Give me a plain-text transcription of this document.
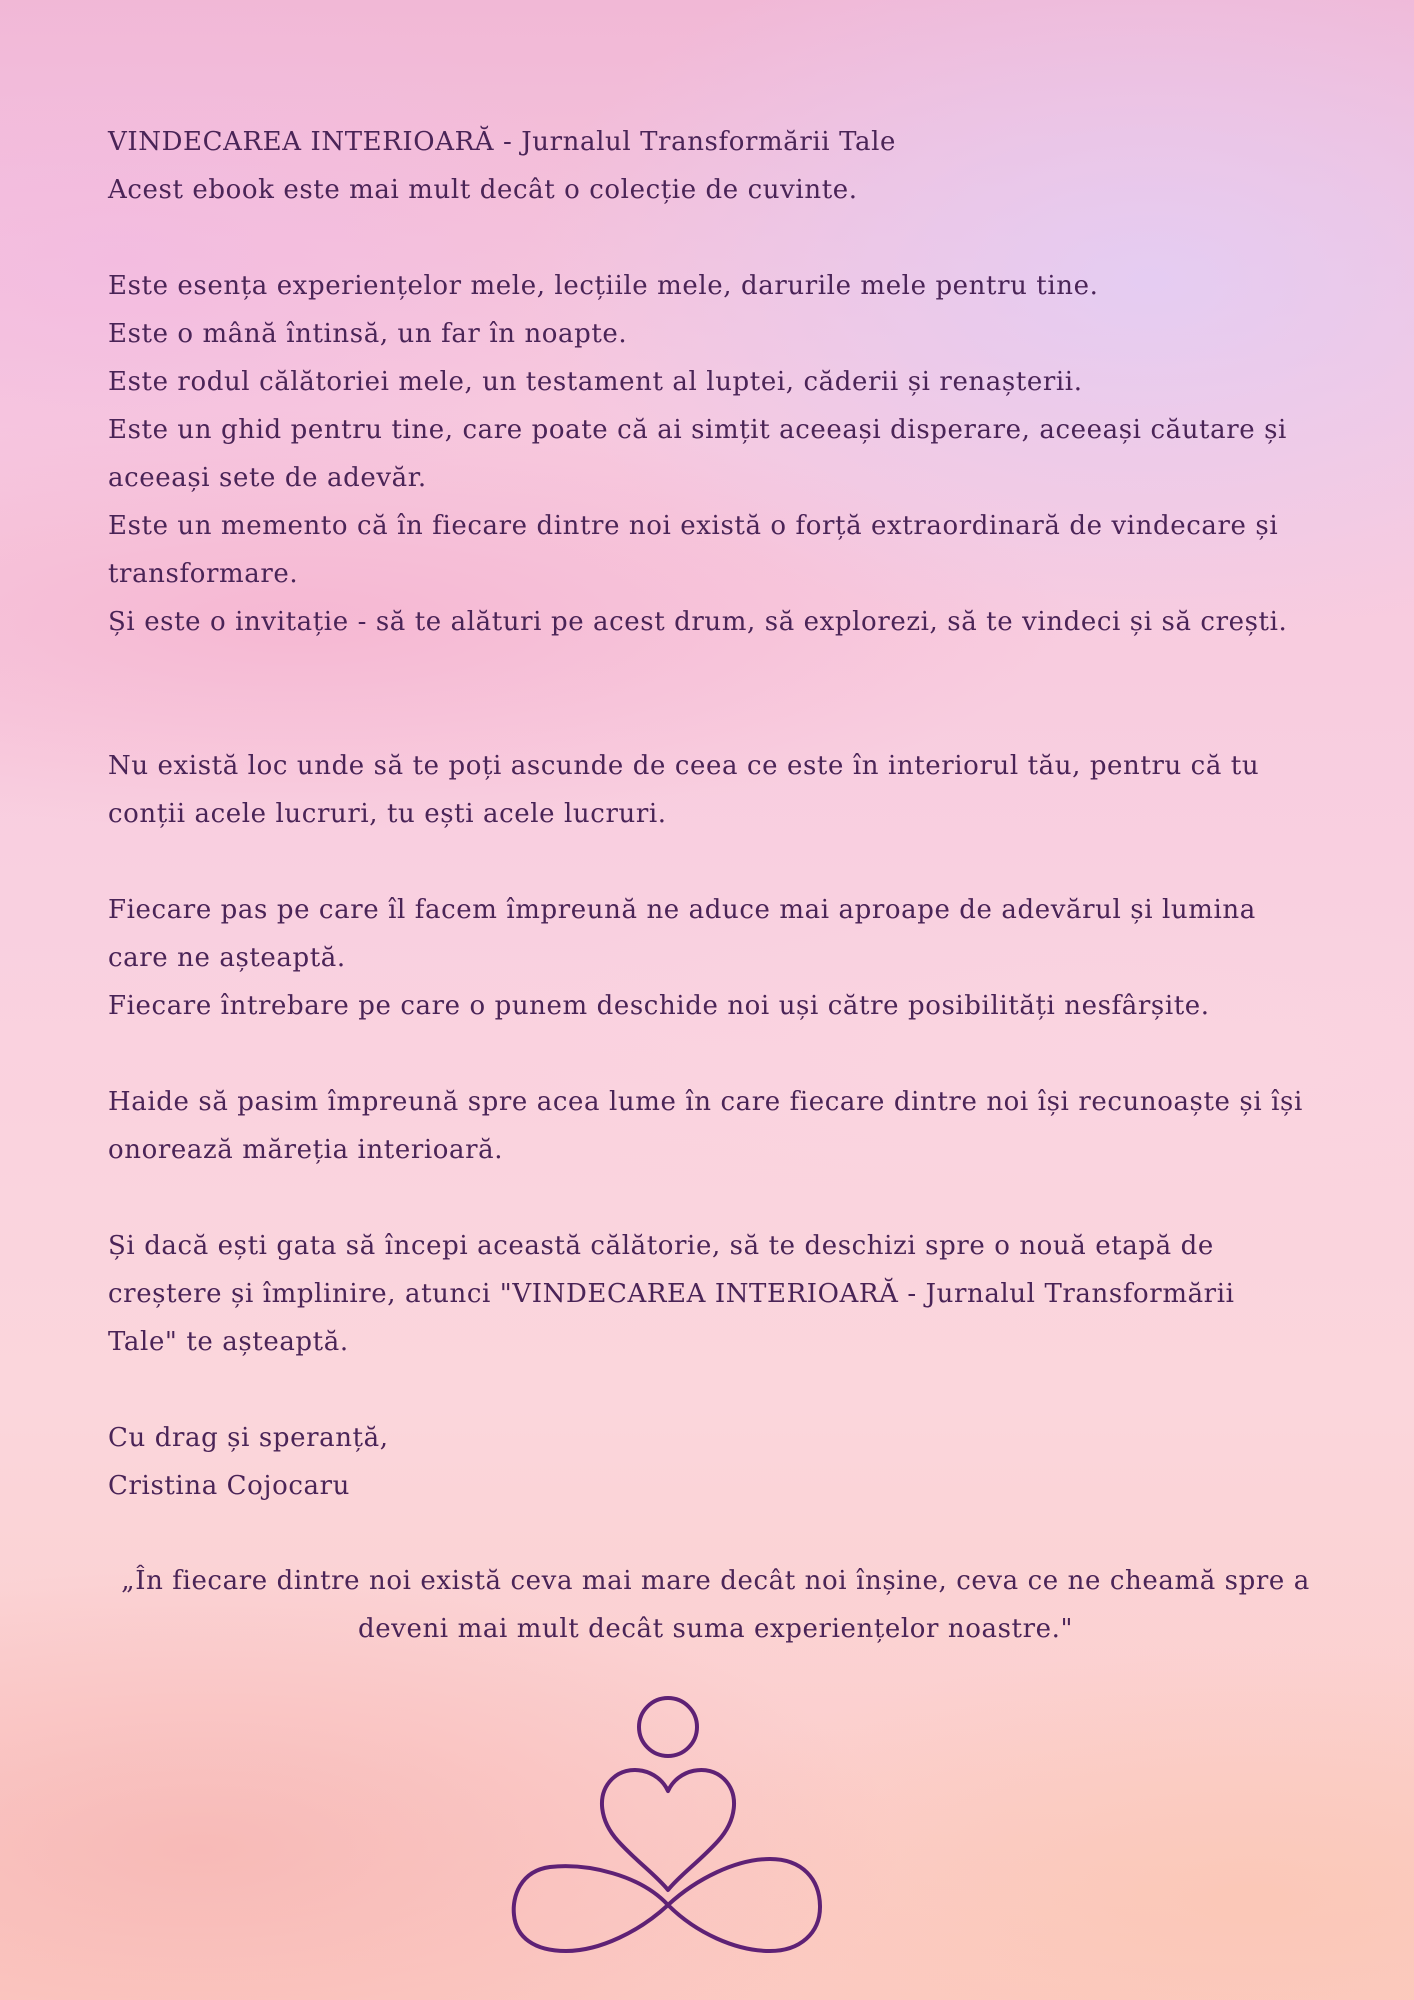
VINDECAREA INTERIOARĂ - Jurnalul Transformării Tale
Acest ebook este mai mult decât o colecție de cuvinte.
Este esența experiențelor mele, lecțiile mele, darurile mele pentru tine.
Este o mână întinsă, un far în noapte.
Este rodul călătoriei mele, un testament al luptei, căderii și renașterii.
Este un ghid pentru tine, care poate că ai simțit aceeași disperare, aceeași căutare și
aceeași sete de adevăr.
Este un memento că în fiecare dintre noi există o forță extraordinară de vindecare și
transformare.
Și este o invitație - să te alături pe acest drum, să explorezi, să te vindeci și să crești.
Nu există loc unde să te poți ascunde de ceea ce este în interiorul tău, pentru că tu
conții acele lucruri, tu ești acele lucruri.
Fiecare pas pe care îl facem împreună ne aduce mai aproape de adevărul și lumina
care ne așteaptă.
Fiecare întrebare pe care o punem deschide noi uși către posibilități nesfârșite.
Haide să pasim împreună spre acea lume în care fiecare dintre noi își recunoaște și își
onorează măreția interioară.
Și dacă ești gata să începi această călătorie, să te deschizi spre o nouă etapă de
creștere și împlinire, atunci "VINDECAREA INTERIOARĂ - Jurnalul Transformării
Tale" te așteaptă.
Cu drag și speranță,
Cristina Cojocaru
„În fiecare dintre noi există ceva mai mare decât noi înșine, ceva ce ne cheamă spre a
deveni mai mult decât suma experiențelor noastre."
